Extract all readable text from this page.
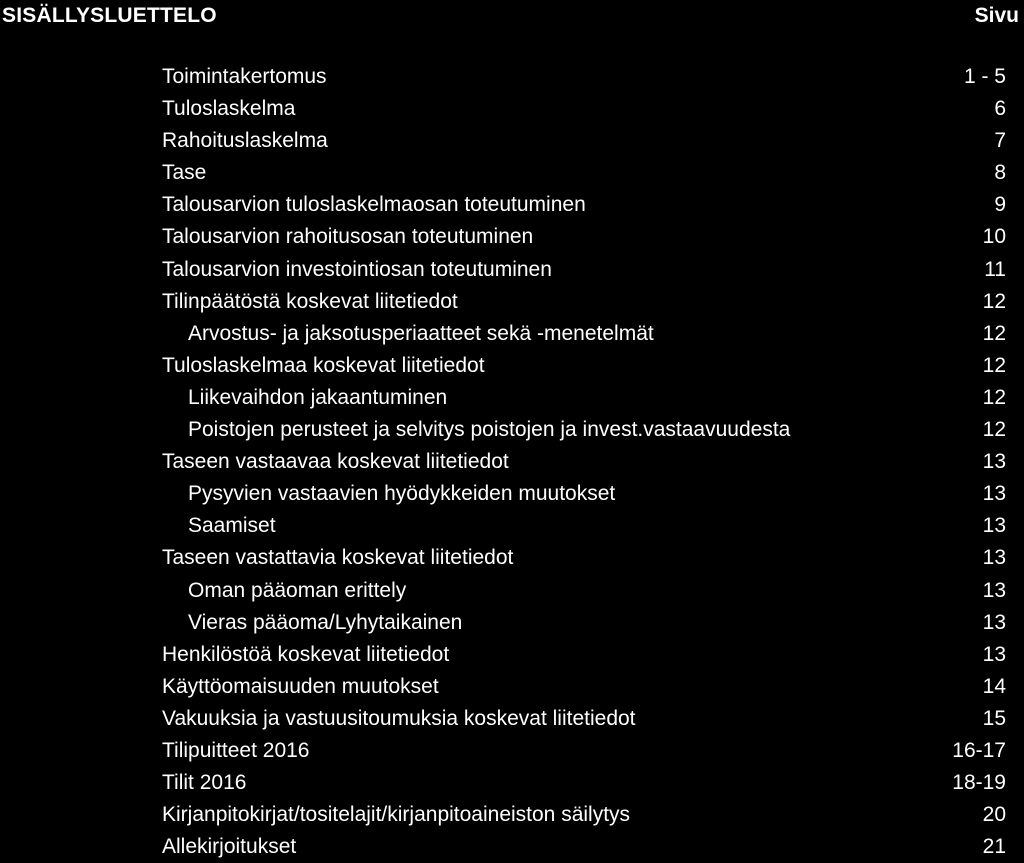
SISÄLLYSLUETTELO	Sivu
Toimintakertomus	1 - 5
Tuloslaskelma	6
Rahoituslaskelma	7
Tase	8
Talousarvion tuloslaskelmaosan toteutuminen	9
Talousarvion rahoitusosan toteutuminen	10
Talousarvion investointiosan toteutuminen	11
Tilinpäätöstä koskevat liitetiedot	12
Arvostus- ja jaksotusperiaatteet sekä -menetelmät	12
Tuloslaskelmaa koskevat liitetiedot	12
Liikevaihdon jakaantuminen	12
Poistojen perusteet ja selvitys poistojen ja invest.vastaavuudesta	12
Taseen vastaavaa koskevat liitetiedot	13
Pysyvien vastaavien hyödykkeiden muutokset	13
Saamiset	13
Taseen vastattavia koskevat liitetiedot	13
Oman pääoman erittely	13
Vieras pääoma/Lyhytaikainen	13
Henkilöstöä koskevat liitetiedot	13
Käyttöomaisuuden muutokset	14
Vakuuksia ja vastuusitoumuksia koskevat liitetiedot	15
Tilipuitteet 2016	16-17
Tilit 2016	18-19
Kirjanpitokirjat/tositelajit/kirjanpitoaineiston säilytys	20
Allekirjoitukset	21
